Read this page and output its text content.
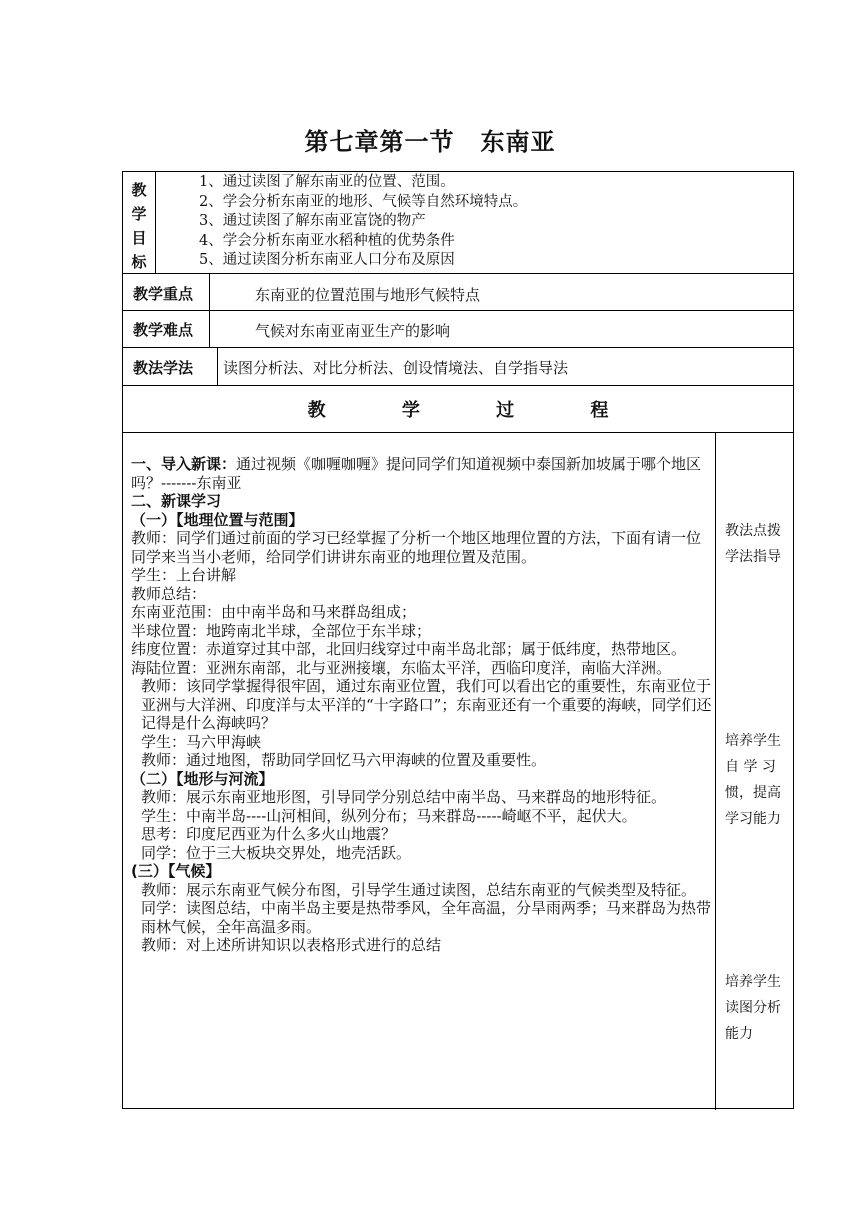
第七章第一节 东南亚
教
学
目
标
1、通过读图了解东南亚的位置、范围。
2、学会分析东南亚的地形、气候等自然环境特点。
3、通过读图了解东南亚富饶的物产
4、学会分析东南亚水稻种植的优势条件
5、通过读图分析东南亚人口分布及原因
教学重点	东南亚的位置范围与地形气候特点
教学难点	气候对东南亚南亚生产的影响
教法学法 读图分析法、对比分析法、创设情境法、自学指导法
教 学 过 程
一、导入新课：通过视频《咖喱咖喱》提问同学们知道视频中泰国新加坡属于哪个地区吗？-------东南亚
二、新课学习
（一）【地理位置与范围】
教师：同学们通过前面的学习已经掌握了分析一个地区地理位置的方法，下面有请一位同学来当当小老师，给同学们讲讲东南亚的地理位置及范围。
学生：上台讲解
教师总结：
东南亚范围：由中南半岛和马来群岛组成；
半球位置：地跨南北半球，全部位于东半球；
纬度位置：赤道穿过其中部，北回归线穿过中南半岛北部；属于低纬度，热带地区。
海陆位置：亚洲东南部，北与亚洲接壤，东临太平洋，西临印度洋，南临大洋洲。
教师：该同学掌握得很牢固，通过东南亚位置，我们可以看出它的重要性，东南亚位于亚洲与大洋洲、印度洋与太平洋的“十字路口”；东南亚还有一个重要的海峡，同学们还记得是什么海峡吗？
学生：马六甲海峡
教师：通过地图，帮助同学回忆马六甲海峡的位置及重要性。
（二）【地形与河流】
教师：展示东南亚地形图，引导同学分别总结中南半岛、马来群岛的地形特征。
学生：中南半岛----山河相间，纵列分布；马来群岛-----崎岖不平，起伏大。
思考：印度尼西亚为什么多火山地震？
同学：位于三大板块交界处，地壳活跃。
(三）【气候】
教师：展示东南亚气候分布图，引导学生通过读图，总结东南亚的气候类型及特征。
同学：读图总结，中南半岛主要是热带季风，全年高温，分旱雨两季；马来群岛为热带雨林气候，全年高温多雨。
教师：对上述所讲知识以表格形式进行的总结
教法点拨
学法指导
培养学生
自 学 习
惯，提高
学习能力
培养学生
读图分析
能力
